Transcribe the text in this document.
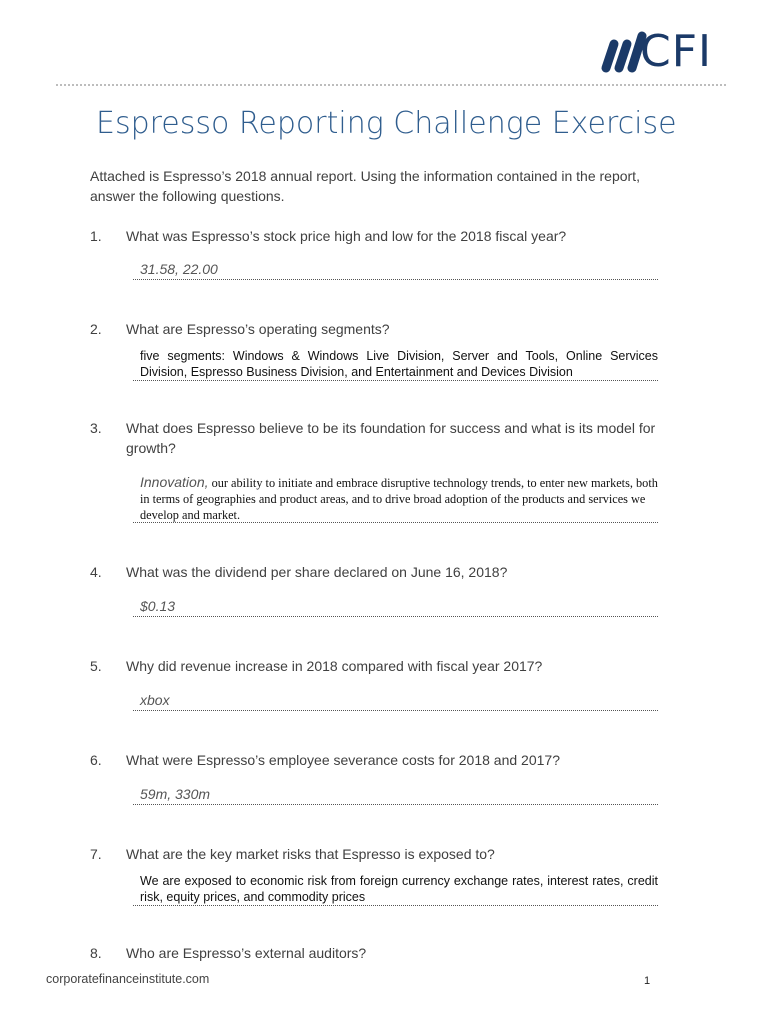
CFI
Espresso Reporting Challenge Exercise
Attached is Espresso’s 2018 annual report. Using the information contained in the report, answer the following questions.
1. What was Espresso’s stock price high and low for the 2018 fiscal year?
31.58, 22.00
2. What are Espresso’s operating segments?
five segments: Windows & Windows Live Division, Server and Tools, Online Services Division, Espresso Business Division, and Entertainment and Devices Division
3. What does Espresso believe to be its foundation for success and what is its model for growth?
Innovation, our ability to initiate and embrace disruptive technology trends, to enter new markets, both in terms of geographies and product areas, and to drive broad adoption of the products and services we develop and market.
4. What was the dividend per share declared on June 16, 2018?
$0.13
5. Why did revenue increase in 2018 compared with fiscal year 2017?
xbox
6. What were Espresso’s employee severance costs for 2018 and 2017?
59m, 330m
7. What are the key market risks that Espresso is exposed to?
We are exposed to economic risk from foreign currency exchange rates, interest rates, credit risk, equity prices, and commodity prices
8. Who are Espresso’s external auditors?
corporatefinanceinstitute.com	1
